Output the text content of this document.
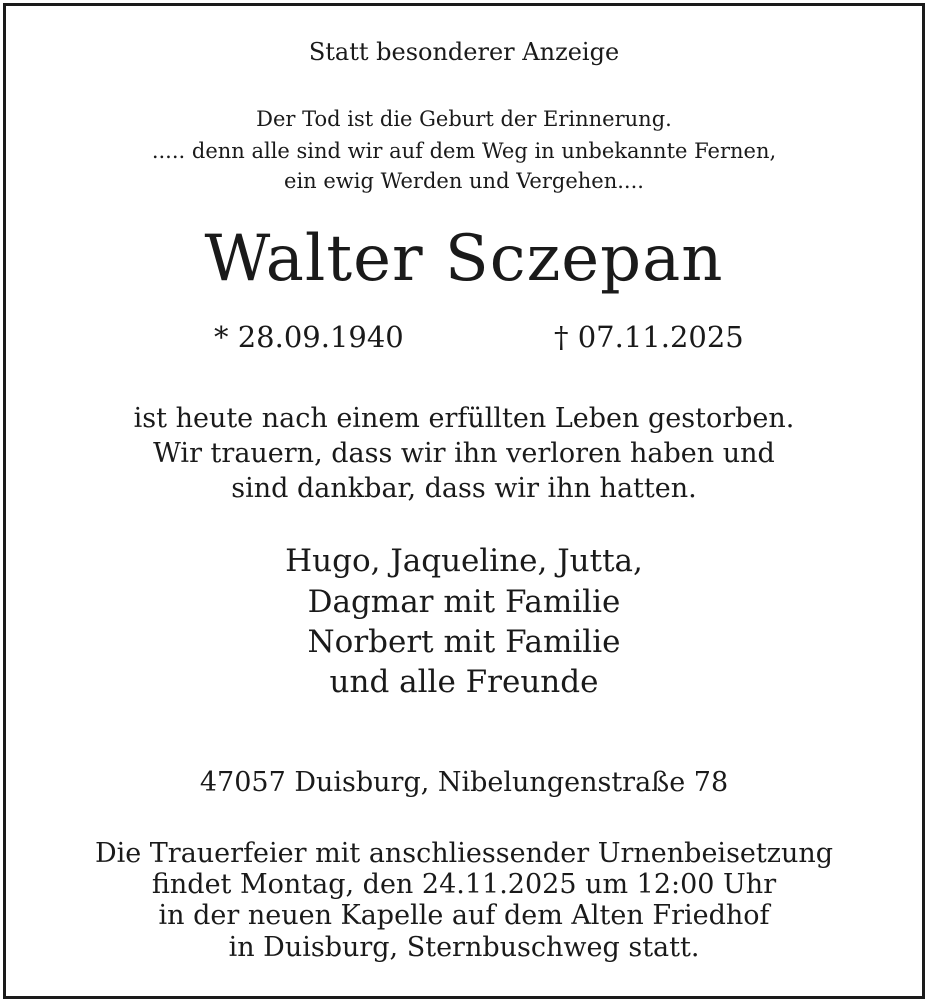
Statt besonderer Anzeige
Der Tod ist die Geburt der Erinnerung.
..... denn alle sind wir auf dem Weg in unbekannte Fernen,
ein ewig Werden und Vergehen....
Walter Sczepan
* 28.09.1940	† 07.11.2025
ist heute nach einem erfüllten Leben gestorben.
Wir trauern, dass wir ihn verloren haben und
sind dankbar, dass wir ihn hatten.
Hugo, Jaqueline, Jutta,
Dagmar mit Familie
Norbert mit Familie
und alle Freunde
47057 Duisburg, Nibelungenstraße 78
Die Trauerfeier mit anschliessender Urnenbeisetzung
findet Montag, den 24.11.2025 um 12:00 Uhr
in der neuen Kapelle auf dem Alten Friedhof
in Duisburg, Sternbuschweg statt.
